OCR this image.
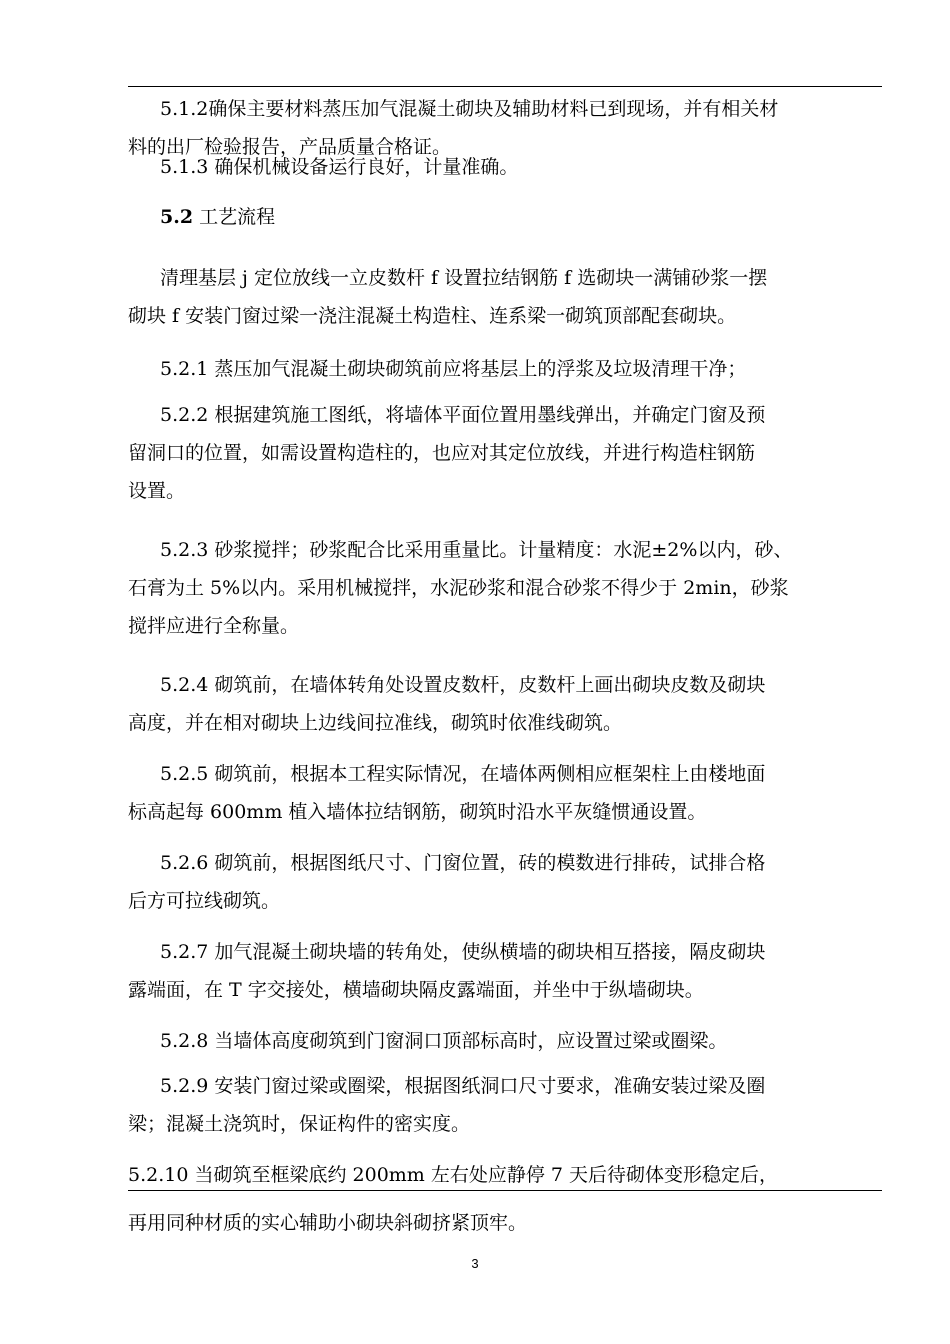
5.1.2确保主要材料蒸压加气混凝土砌块及辅助材料已到现场，并有相关材
料的出厂检验报告，产品质量合格证。

5.1.3 确保机械设备运行良好，计量准确。

5.2 工艺流程

清理基层 j 定位放线一立皮数杆 f 设置拉结钢筋 f 选砌块一满铺砂浆一摆
砌块 f 安装门窗过梁一浇注混凝土构造柱、连系梁一砌筑顶部配套砌块。

5.2.1 蒸压加气混凝土砌块砌筑前应将基层上的浮浆及垃圾清理干净；

5.2.2 根据建筑施工图纸，将墙体平面位置用墨线弹出，并确定门窗及预
留洞口的位置，如需设置构造柱的，也应对其定位放线，并进行构造柱钢筋
设置。

5.2.3 砂浆搅拌；砂浆配合比采用重量比。计量精度：水泥±2%以内，砂、
石膏为土 5%以内。采用机械搅拌，水泥砂浆和混合砂浆不得少于 2min，砂浆
搅拌应进行全称量。

5.2.4 砌筑前，在墙体转角处设置皮数杆，皮数杆上画出砌块皮数及砌块
高度，并在相对砌块上边线间拉准线，砌筑时依准线砌筑。

5.2.5 砌筑前，根据本工程实际情况，在墙体两侧相应框架柱上由楼地面
标高起每 600mm 植入墙体拉结钢筋，砌筑时沿水平灰缝惯通设置。

5.2.6 砌筑前，根据图纸尺寸、门窗位置，砖的模数进行排砖，试排合格
后方可拉线砌筑。

5.2.7 加气混凝土砌块墙的转角处，使纵横墙的砌块相互搭接，隔皮砌块
露端面，在 T 字交接处，横墙砌块隔皮露端面，并坐中于纵墙砌块。

5.2.8 当墙体高度砌筑到门窗洞口顶部标高时，应设置过梁或圈梁。

5.2.9 安装门窗过梁或圈梁，根据图纸洞口尺寸要求，准确安装过梁及圈
梁；混凝土浇筑时，保证构件的密实度。

5.2.10 当砌筑至框梁底约 200mm 左右处应静停 7 天后待砌体变形稳定后，

再用同种材质的实心辅助小砌块斜砌挤紧顶牢。

3
